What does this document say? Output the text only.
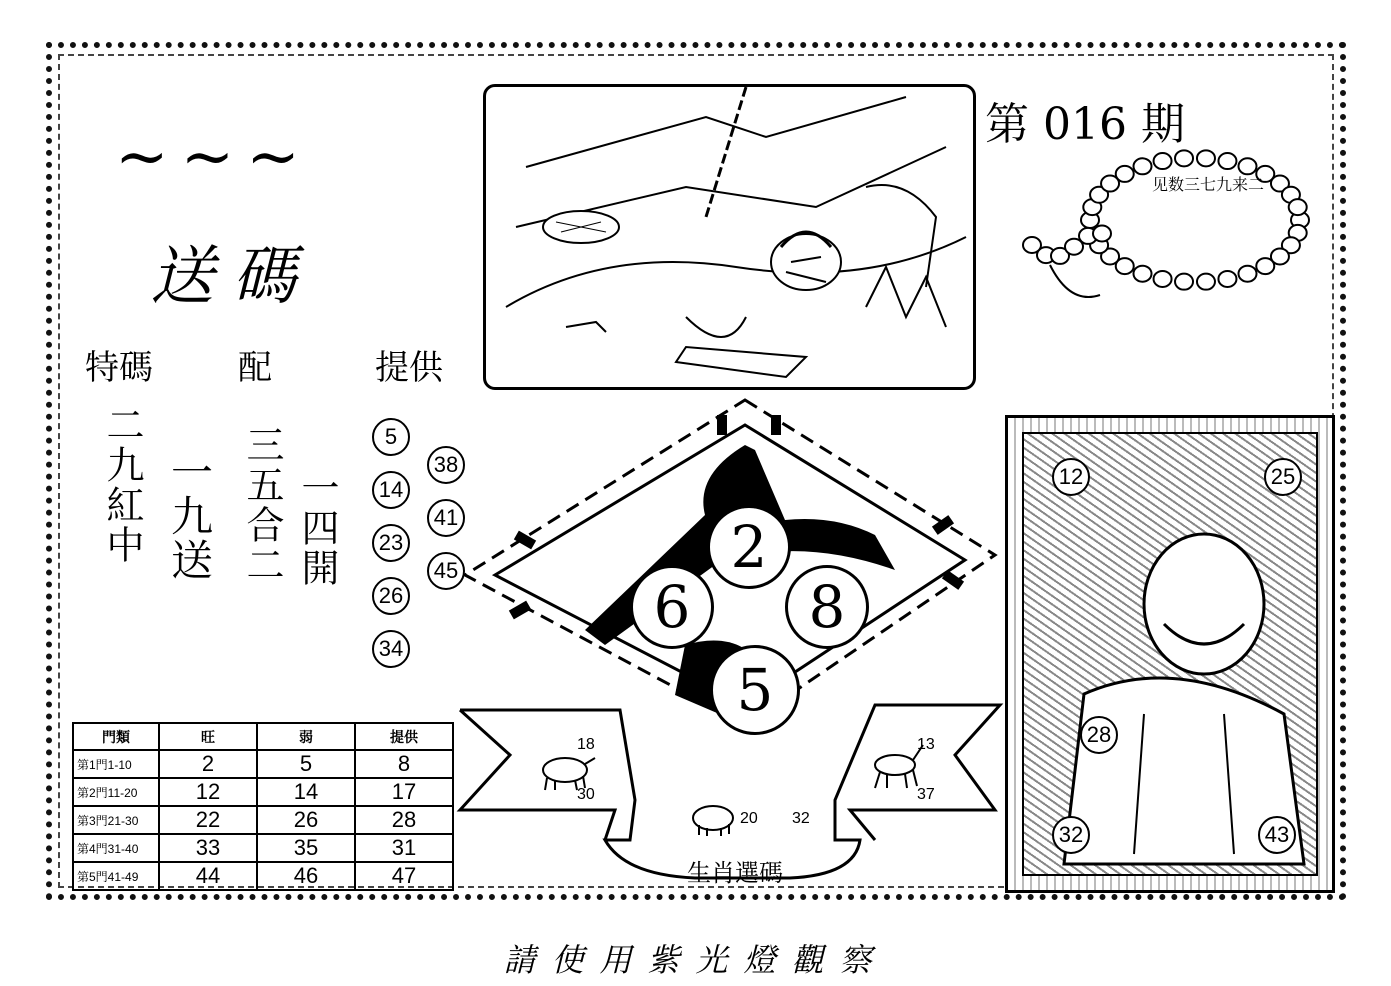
~~~
送碼
特碼	配	提供
二九紅中 一九送 三五合二 一四開
第 016 期
见数三七九来二
2
6	8
5
18
30
13
37
20 32
生肖選碼
12	25
28
32	43
門類	旺	弱	提供
第1門1-10	2	5	8
第2門11-20	12	14	17
第3門21-30	22	26	28
第4門31-40	33	35	31
第5門41-49	44	46	47
請使用紫光燈觀察
5
14
23
26
34
38
41
45
